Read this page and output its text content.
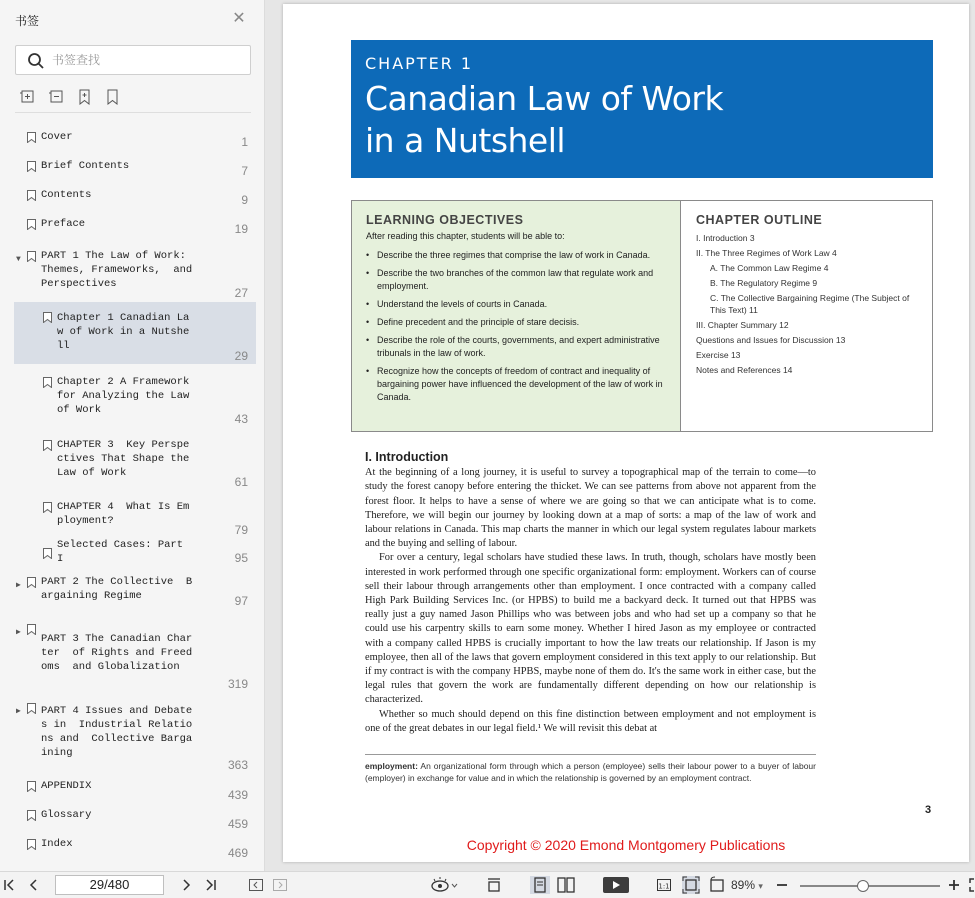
书签	✕
书签查找
Cover	1
Brief Contents	7
Contents	9
Preface	19
▼ PART 1 The Law of Work:
Themes, Frameworks,  and
Perspectives
27
Chapter 1 Canadian La
w of Work in a Nutshe
ll
29
Chapter 2 A Framework
for Analyzing the Law
of Work
43
CHAPTER 3  Key Perspe
ctives That Shape the
Law of Work
61
CHAPTER 4  What Is Em
ployment?
79
Selected Cases: Part
I	95
▶ PART 2 The Collective  B
argaining Regime	97
▶
PART 3 The Canadian Char
ter  of Rights and Freed
oms  and Globalization
319
▶ PART 4 Issues and Debate
s in  Industrial Relatio
ns and  Collective Barga
ining
363
APPENDIX
439
Glossary
459
Index
469
CHAPTER 1
Canadian Law of Work
in a Nutshell
LEARNING OBJECTIVES
After reading this chapter, students will be able to:
• Describe the three regimes that comprise the law of work in Canada.
• Describe the two branches of the common law that regulate work and employment.
• Understand the levels of courts in Canada.
• Define precedent and the principle of stare decisis.
• Describe the role of the courts, governments, and expert administrative tribunals in the law of work.
• Recognize how the concepts of freedom of contract and inequality of bargaining power have influenced the development of the law of work in Canada.
CHAPTER OUTLINE
I. Introduction 3
II. The Three Regimes of Work Law 4
A. The Common Law Regime 4
B. The Regulatory Regime 9
C. The Collective Bargaining Regime (The Subject of This Text) 11
III. Chapter Summary 12
Questions and Issues for Discussion 13
Exercise 13
Notes and References 14
I. Introduction

At the beginning of a long journey, it is useful to survey a topographical map of the terrain to come—to study the forest canopy before entering the thicket. We can see patterns from above not apparent from the forest floor. It helps to have a sense of where we are going so that we can anticipate what is to come. Therefore, we will begin our journey by looking down at a map of sorts: a map of the law of work and labour relations in Canada. This map charts the manner in which our legal system regulates labour markets and the buying and selling of labour.

For over a century, legal scholars have studied these laws. In truth, though, scholars have mostly been interested in work performed through one specific organizational form: employment. Workers can of course sell their labour through arrangements other than employment. I once contracted with a company called High Park Building Services Inc. (or HPBS) to build me a backyard deck. It turned out that HPBS was really just a guy named Jason Phillips who was between jobs and who had set up a company so that he could use his carpentry skills to earn some money. Whether I hired Jason as my employee or contracted with a company called HPBS is crucially important to how the law treats our relationship. If Jason is my employee, then all of the laws that govern employment considered in this text apply to our relationship. But if my contract is with the company HPBS, maybe none of them do. It's the same work in either case, but the legal rules that govern the work are fundamentally different depending on how our relationship is characterized.

Whether so much should depend on this fine distinction between employment and not employment is one of the great debates in our legal field.¹ We will revisit this debat at

employment: An organizational form through which a person (employee) sells their labour power to a buyer of labour (employer) in exchange for value and in which the relationship is governed by an employment contract.
3
Copyright © 2020 Emond Montgomery Publications
29/480	1:1	89% ▾
